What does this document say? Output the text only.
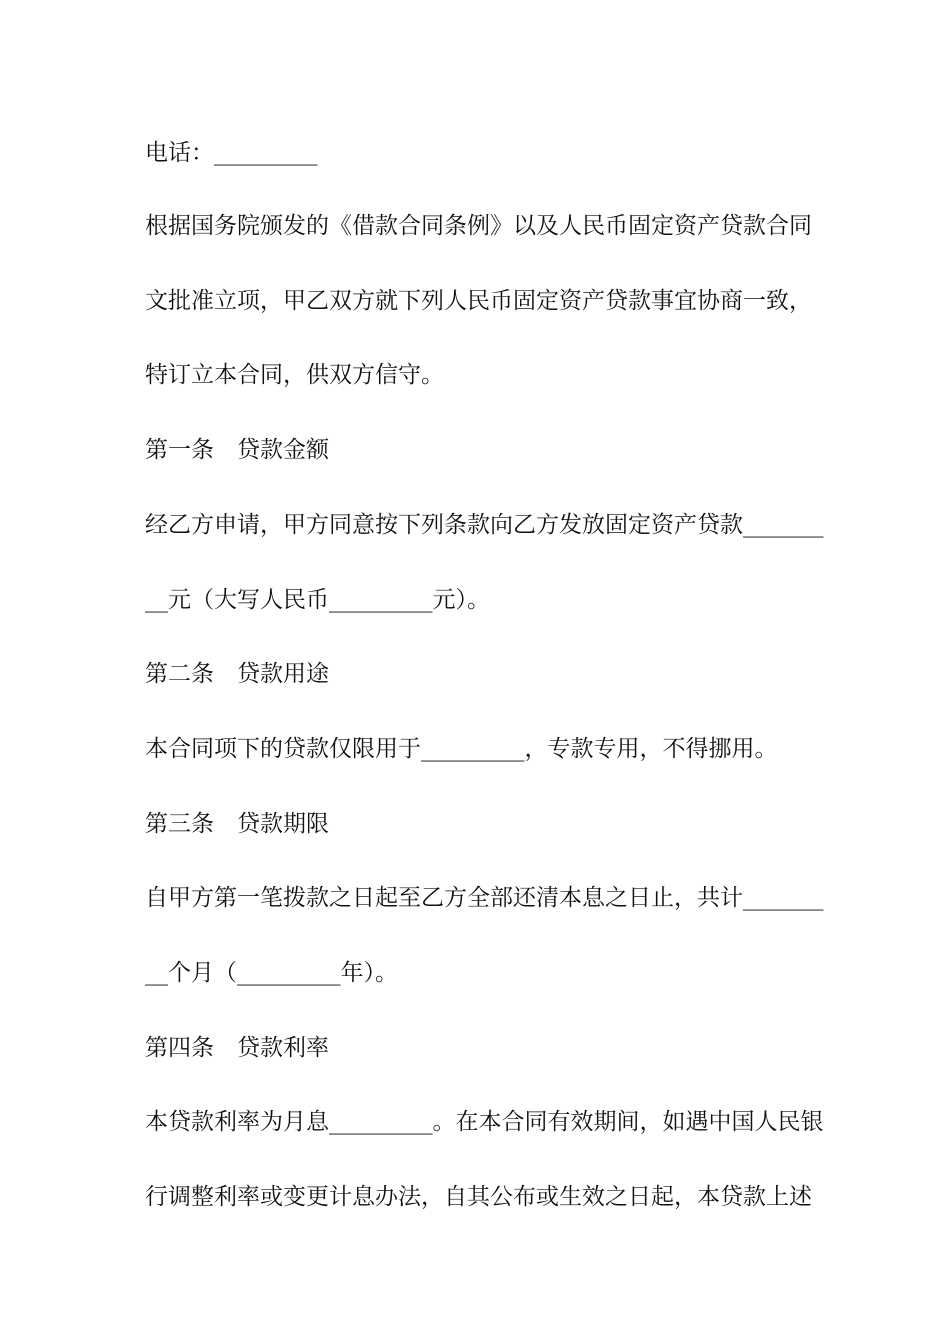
电话：_________
根据国务院颁发的《借款合同条例》以及人民币固定资产贷款合同
文批准立项，甲乙双方就下列人民币固定资产贷款事宜协商一致，
特订立本合同，供双方信守。
第一条　贷款金额
经乙方申请，甲方同意按下列条款向乙方发放固定资产贷款_______
__元（大写人民币_________元）。
第二条　贷款用途
本合同项下的贷款仅限用于_________，专款专用，不得挪用。
第三条　贷款期限
自甲方第一笔拨款之日起至乙方全部还清本息之日止，共计_______
__个月（_________年）。
第四条　贷款利率
本贷款利率为月息_________。在本合同有效期间，如遇中国人民银
行调整利率或变更计息办法，自其公布或生效之日起，本贷款上述
